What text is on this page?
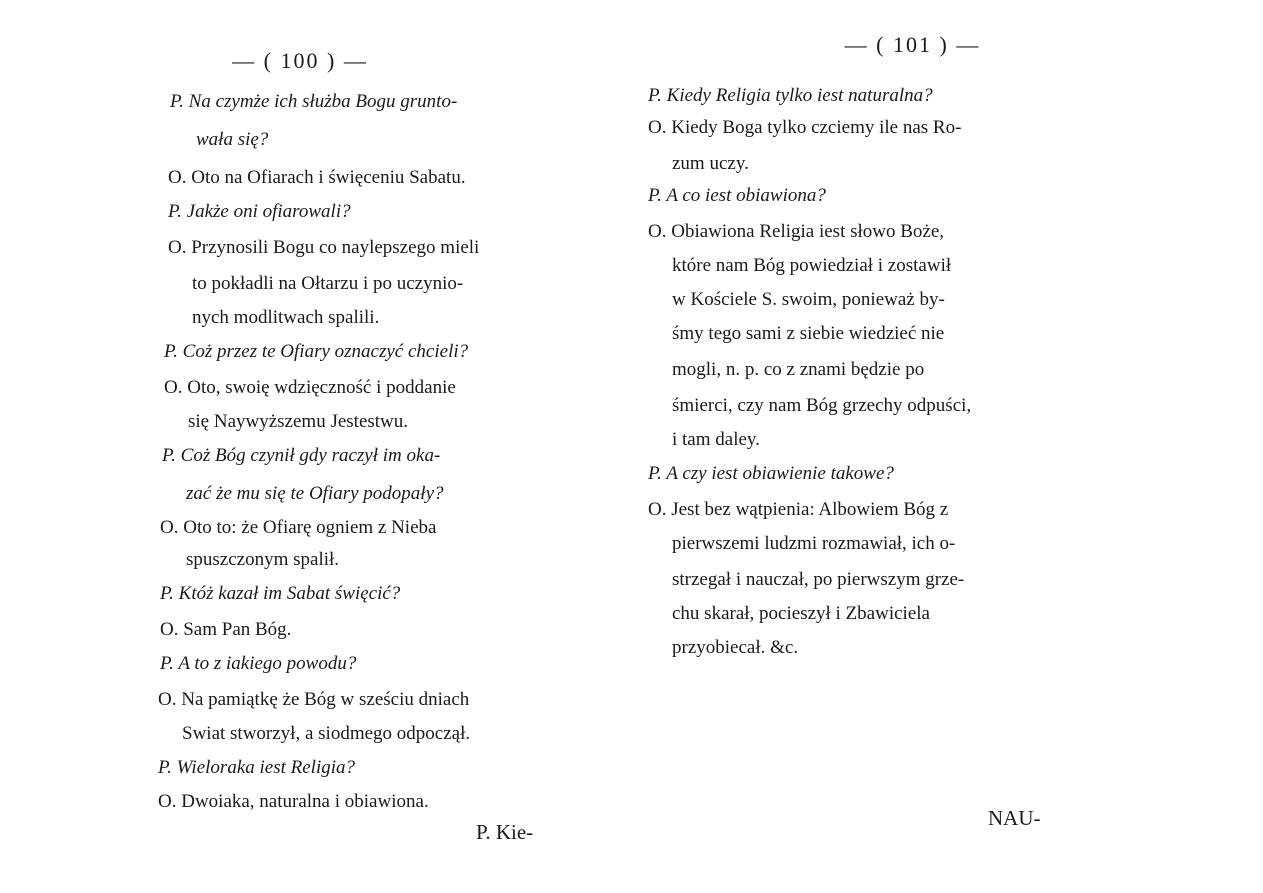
— ( 100 ) —
P. Na czymże ich służba Bogu grunto-
wała się?
O. Oto na Ofiarach i święceniu Sabatu.
P. Jakże oni ofiarowali?
O. Przynosili Bogu co naylepszego mieli
to pokładli na Ołtarzu i po uczynio-
nych modlitwach spalili.
P. Coż przez te Ofiary oznaczyć chcieli?
O. Oto, swoię wdzięczność i poddanie
się Naywyższemu Jestestwu.
P. Coż Bóg czynił gdy raczył im oka-
zać że mu się te Ofiary podopały?
O. Oto to: że Ofiarę ogniem z Nieba
spuszczonym spalił.
P. Któż kazał im Sabat święcić?
O. Sam Pan Bóg.
P. A to z iakiego powodu?
O. Na pamiątkę że Bóg w sześciu dniach
Swiat stworzył, a siodmego odpoczął.
P. Wieloraka iest Religia?
O. Dwoiaka, naturalna i obiawiona.
P. Kie-
— ( 101 ) —
P. Kiedy Religia tylko iest naturalna?
O. Kiedy Boga tylko czciemy ile nas Ro-
zum uczy.
P. A co iest obiawiona?
O. Obiawiona Religia iest słowo Boże,
które nam Bóg powiedział i zostawił
w Kościele S. swoim, ponieważ by-
śmy tego sami z siebie wiedzieć nie
mogli, n. p. co z znami będzie po
śmierci, czy nam Bóg grzechy odpuści,
i tam daley.
P. A czy iest obiawienie takowe?
O. Jest bez wątpienia: Albowiem Bóg z
pierwszemi ludzmi rozmawiał, ich o-
strzegał i nauczał, po pierwszym grze-
chu skarał, pocieszył i Zbawiciela
przyobiecał. &c.
NAU-
